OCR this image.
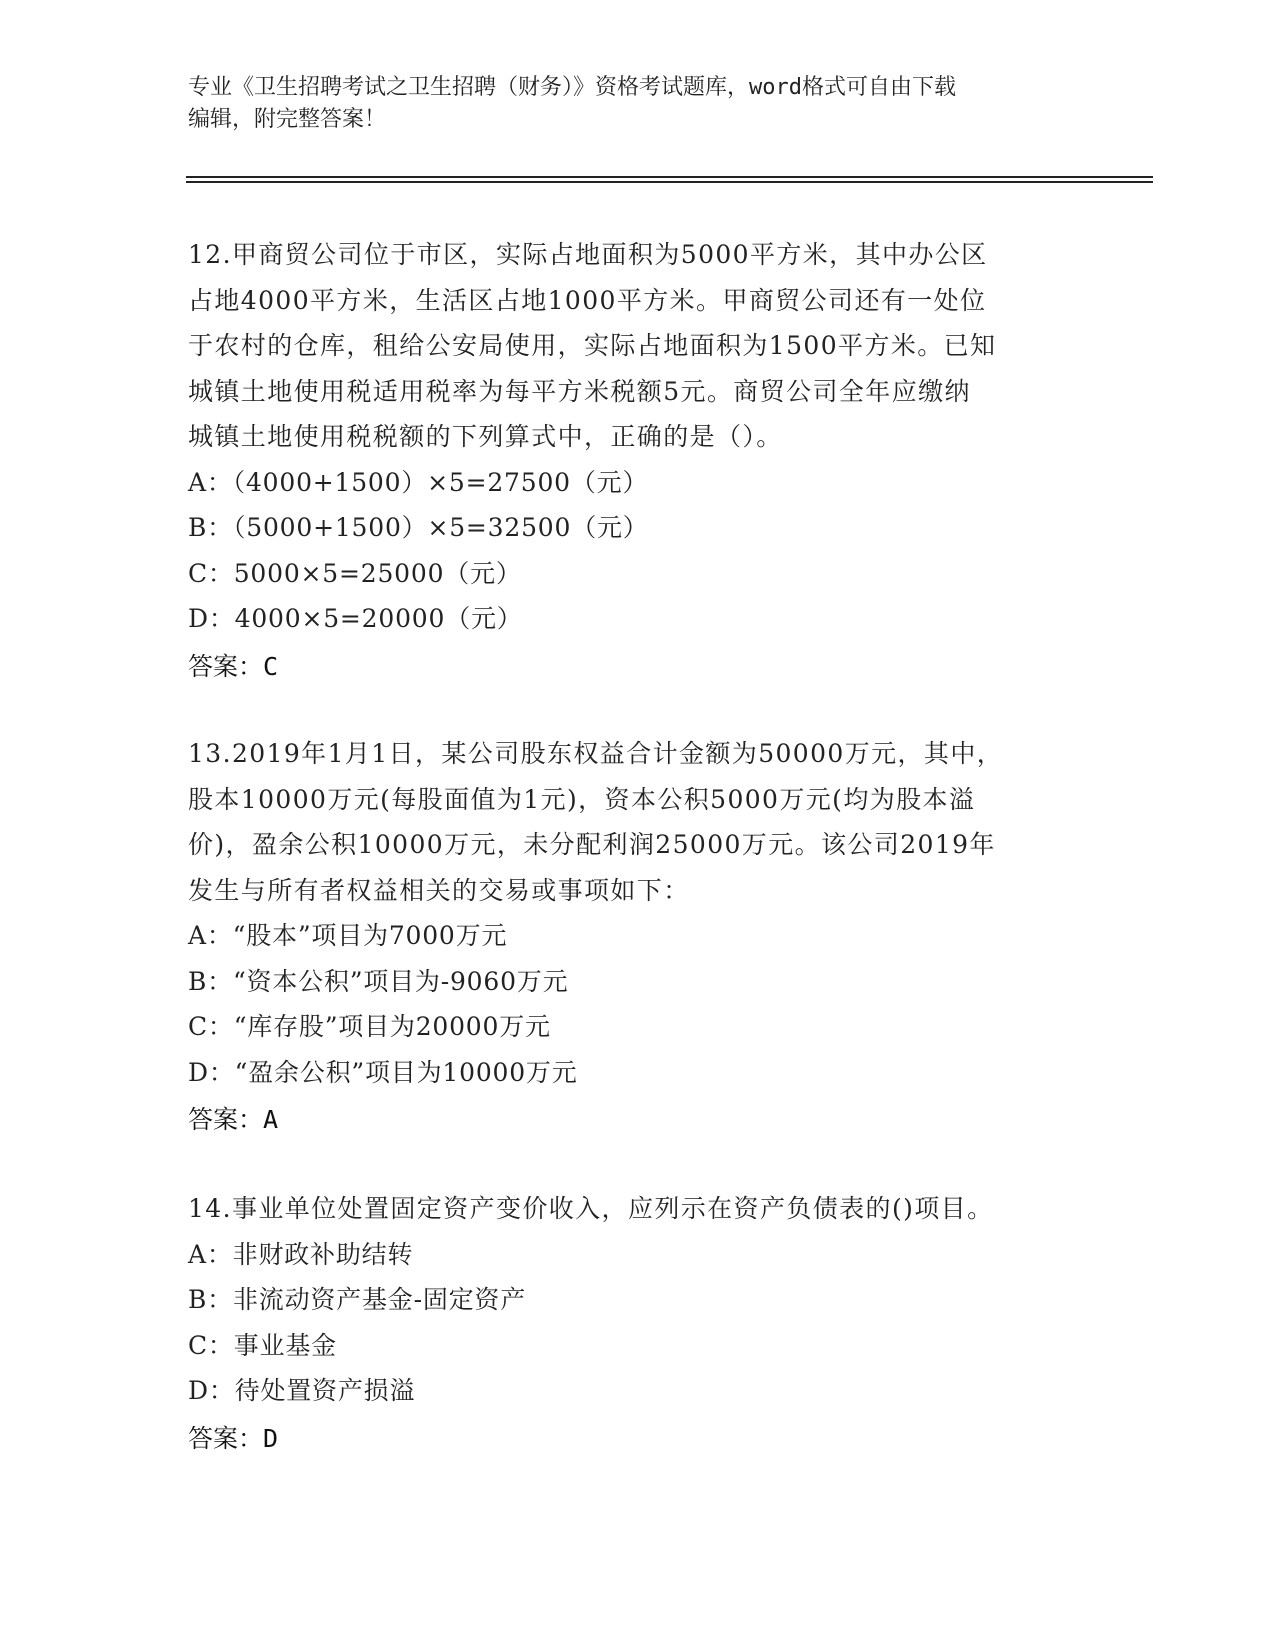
专业《卫生招聘考试之卫生招聘（财务）》资格考试题库，word格式可自由下载
编辑，附完整答案！
12.甲商贸公司位于市区，实际占地面积为5000平方米，其中办公区
占地4000平方米，生活区占地1000平方米。甲商贸公司还有一处位
于农村的仓库，租给公安局使用，实际占地面积为1500平方米。已知
城镇土地使用税适用税率为每平方米税额5元。商贸公司全年应缴纳
城镇土地使用税税额的下列算式中，正确的是（）。
A：（4000+1500）×5=27500（元）
B：（5000+1500）×5=32500（元）
C：5000×5=25000（元）
D：4000×5=20000（元）
答案：C
13.2019年1月1日，某公司股东权益合计金额为50000万元，其中，
股本10000万元(每股面值为1元)，资本公积5000万元(均为股本溢
价)，盈余公积10000万元，未分配利润25000万元。该公司2019年
发生与所有者权益相关的交易或事项如下：
A：“股本”项目为7000万元
B：“资本公积”项目为-9060万元
C：“库存股”项目为20000万元
D：“盈余公积”项目为10000万元
答案：A
14.事业单位处置固定资产变价收入，应列示在资产负债表的()项目。
A：非财政补助结转
B：非流动资产基金-固定资产
C：事业基金
D：待处置资产损溢
答案：D
